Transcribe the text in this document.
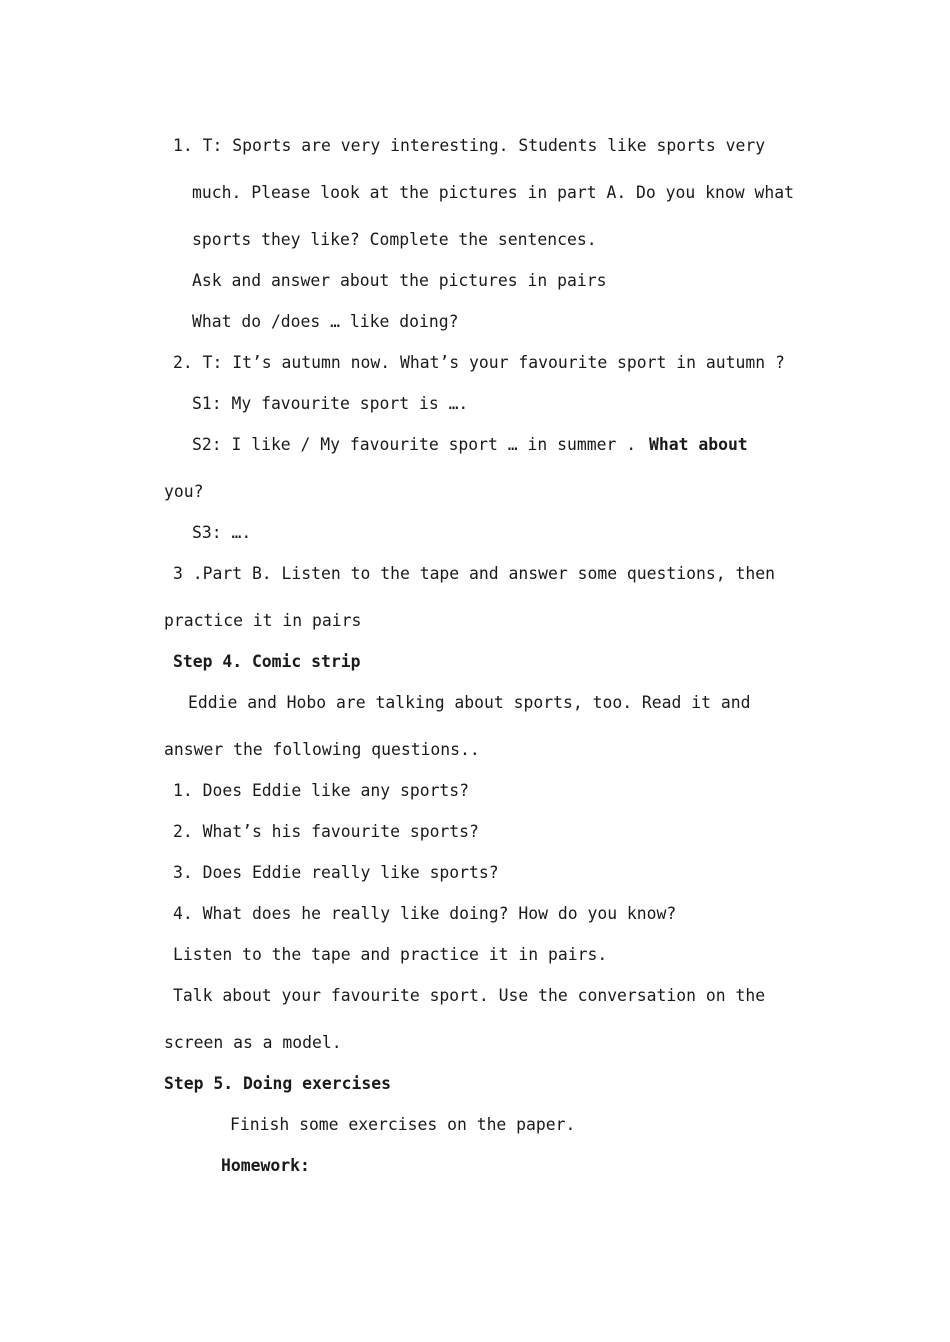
1. T: Sports are very interesting. Students like sports very
much. Please look at the pictures in part A. Do you know what
sports they like? Complete the sentences.
Ask and answer about the pictures in pairs
What do /does … like doing?
2. T: It’s autumn now. What’s your favourite sport in autumn ?
S1: My favourite sport is ….
S2: I like / My favourite sport … in summer . What about
you?
S3: ….
3 .Part B. Listen to the tape and answer some questions, then
practice it in pairs
Step 4. Comic strip
Eddie and Hobo are talking about sports, too. Read it and
answer the following questions..
1. Does Eddie like any sports?
2. What’s his favourite sports?
3. Does Eddie really like sports?
4. What does he really like doing? How do you know?
Listen to the tape and practice it in pairs.
Talk about your favourite sport. Use the conversation on the
screen as a model.
Step 5. Doing exercises
Finish some exercises on the paper.
Homework:
